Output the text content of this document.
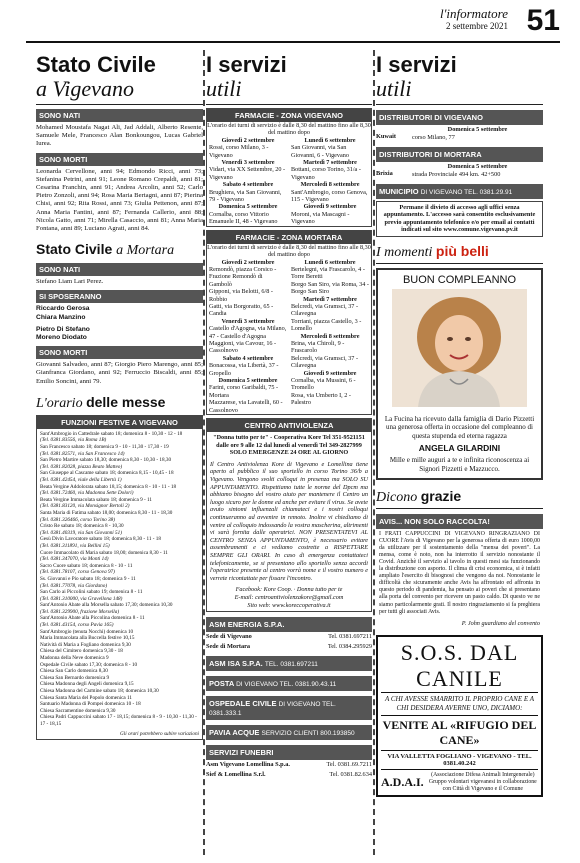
l'informatore
2 settembre 2021 51
Stato Civile
a Vigevano
SONO NATI
Mohamed Moustafa Nagat Ali, Jad Addali, Alberto Resente, Samuele Mele, Francesco Alan Bonkoungou, Lucas Gabriel Iurea.
SONO MORTI
Leonarda Cervellone, anni 94; Edmondo Ricci, anni 73; Stefanina Petrini, anni 91; Leone Romano Crepaldi, anni 81; Cesarina Franchin, anni 91; Andrea Arcolin, anni 52; Carlo Pietro Zonzoli, anni 94; Rosa Maria Bertagni, anni 87; Pierina Chisi, anni 92; Rita Rossi, anni 73; Giulia Pettenon, anni 87; Anna Maria Fantini, anni 87; Fernanda Callerio, anni 88; Nicola Gatto, anni 71; Mirella Casaccio, anni 81; Anna Maria Fontana, anni 89; Luciano Agrati, anni 84.
Stato Civile a Mortara
SONO NATI
Stefano Liam Lari Perez.
SI SPOSERANNO
Riccardo Gerosa
Chiara Manzino
Pietro Di Stefano
Moreno Diodato
SONO MORTI
Giovanni Salvadeo, anni 87; Giorgio Piero Marengo, anni 85; Gianfranca Giordano, anni 92; Ferruccio Biscaldi, anni 85; Emilio Soncini, anni 79.
L'orario delle messe
FUNZIONI FESTIVE A VIGEVANO
Sant'Ambrogio in Cattedrale sabato 18; domenica 8 - 10,30 - 12 - 18
(Tel. 0381.83556, via Roma 1B)
San Francesco sabato 18; domenica 9 - 10 - 11,30 - 17,30 - 19
(Tel. 0381.82571, via San Francesco 14)
San Pietro Martire sabato 18,30; domenica 8,30 - 10,30 - 18,30
(Tel. 0381.82028, piazza Beato Matteo)
San Giuseppe al Cascame sabato 18; domenica 8,15 - 10,45 - 18
(Tel. 0381.42454, viale della Libertà 1)
Beata Vergine Addolorata sabato 18,15; domenica 8 - 10 - 11 - 18
(Tel. 0381.72460, via Madonna Sette Dolori)
Beata Vergine Immacolata sabato 18; domenica 9 - 11
(Tel. 0381.83120, via Monsignor Bertoli 2)
Santa Maria di Fatima sabato 18,00; domenica 8,30 - 11 - 18,30
(Tel. 0381.326466, corso Torino 38)
Cristo Re sabato 18; domenica 8 - 10,30
(Tel. 0381.40319, via San Giovanni 51)
Gesù Divin Lavoratore sabato 18; domenica 8,30 - 11 - 18
(Tel. 0381.311891, via Bellini 15)
Cuore Immacolato di Maria sabato 18,00; domenica 8,30 - 11
(Tel. 0381.347070, via Monti 14)
Sacro Cuore sabato 18; domenica 8 - 10 - 11
(Tel. 0381.78107, corso Genova 97)
Ss. Giovanni e Pio sabato 18; domenica 9 - 11
(Tel. 0381.77078, via Giordano)
San Carlo ai Piccolini sabato 19; domenica 8 - 11
(Tel. 0381.310000, via Gravellona 148)
Sant'Antonio Abate alla Morsella sabato 17,30; domenica 10,30
(Tel. 0381.329900, frazione Morsella)
Sant'Antonio Abate alla Piccolina domenica 8 - 11
(Tel. 0381.43154, corso Pavia 165)
Sant'Ambrogio (tenuta Nocchi) domenica 10
Maria Immacolata alla Buccella festive 10,15
Natività di Maria a Fogliano domenica 9,30
Chiesa del Cimitero domenica 9,30 - 18
Madonna della Neve domenica 9
Ospedale Civile sabato 17,30; domenica 8 - 10
Chiesa San Carlo domenica 8,30
Chiesa San Bernardo domenica 9
Chiesa Madonna degli Angeli domenica 9,15
Chiesa Madonna del Carmine sabato 18; domenica 10,30
Chiesa Santa Maria del Popolo domenica 11
Santuario Madonna di Pompei domenica 10 - 18
Chiesa Sacramentine domenica 9,30
Chiesa Padri Cappuccini sabato 17 - 18,15; domenica 8 - 9 - 10,30 - 11,30 - 17 - 18,15
Gli orari potrebbero subire variazioni
I servizi
utili
FARMACIE - ZONA VIGEVANO
L'orario dei turni di servizio è dalle 8,30 del mattino fino alle 8,30 del mattino dopo
Giovedì 2 settembre
Rossi, corso Milano, 3 - Vigevano
Venerdì 3 settembre
Vidari, via XX Settembre, 20 - Vigevano
Sabato 4 settembre
Brughiera, via San Giovanni, 79 - Vigevano
Domenica 5 settembre
Cornalba, corso Vittorio Emanuele II, 48 - Vigevano
Lunedì 6 settembre
San Giovanni, via San Giovanni, 6 - Vigevano
Martedì 7 settembre
Bottani, corso Torino, 31/a - Vigevano
Mercoledì 8 settembre
Sant'Ambrogio, corso Genova, 115 - Vigevano
Giovedì 9 settembre
Moroni, via Mascagni - Vigevano
FARMACIE - ZONA MORTARA
L'orario dei turni di servizio è dalle 8,30 del mattino fino alle 8,30 del mattino dopo
Giovedì 2 settembre
Remondò, piazza Corsico - Frazione Remondò di Gambolò
Gipponi, via Belotti, 6/8 - Robbio
Gatti, via Borgoratto, 65 - Candia
Venerdì 3 settembre
Castello d'Agogna, via Milano, 47 - Castello d'Agogna
Maggioni, via Cavour, 16 - Cassolnovo
Sabato 4 settembre
Bonacossa, via Libertà, 37 - Gropello
Domenica 5 settembre
Farini, corso Garibaldi, 75 - Mortara
Mazzarese, via Lavatelli, 60 - Cassolnovo
Lunedì 6 settembre
Bertelegni, via Frascarolo, 4 - Torre Beretti
Borgo San Siro, via Roma, 34 - Borgo San Siro
Martedì 7 settembre
Belcredi, via Gramsci, 37 - Cilavegna
Torriani, piazza Castello, 3 - Lomello
Mercoledì 8 settembre
Brina, via Chiroli, 9 - Frascarolo
Belcredi, via Gramsci, 37 - Cilavegna
Giovedì 9 settembre
Cornalba, via Mussini, 6 - Tromello
Rosa, via Umberto I, 2 - Palestro
CENTRO ANTIVIOLENZA
"Donna tutto per te" - Cooperativa Kore Tel 351-9521151 dalle ore 9 alle 12 dal lunedì al venerdì Tel 349-2827999 SOLO EMERGENZE 24 ORE AL GIORNO
Il Centro Antiviolenza Kore di Vigevano e Lomellina tiene aperto al pubblico il suo sportello in corso Torino 36/b a Vigevano. Vengono svolti colloqui in presenza ma SOLO SU APPUNTAMENTO. Rispettiamo tutte le norme del Dpcm ma abbiamo bisogno del vostro aiuto per mantenere il Centro un luogo sicuro per le donne ed anche per evitare il virus. Se avete avuto sintomi influenzali chiamateci e i nostri colloqui continueranno ad avvenire in remoto. Inoltre vi chiediamo di venire al colloquio indossando la vostra mascherina, altrimenti vi sarà fornita dalle operatrici. NON PRESENTATEVI AL CENTRO SENZA APPUNTAMENTO, è necessario evitare assembramenti e ci vediamo costrette a RISPETTARE SEMPRE GLI ORARI. In caso di emergenza contattateci telefonicamente, se si presentano allo sportello senza accordi l'operatrice presente al centro vorrà nome e il vostro numero e verrete ricontattate per fissare l'incontro.
Facebook: Kore Coop. · Donna tutto per te
E-mail: centroantiviolenzakore@gmail.com
Sito web: www.koreccoperativa.it
ASM ENERGIA S.P.A.
Sede di Vigevano	Tel. 0381.697211
Sede di Mortara	Tel. 0384.295929
ASM ISA S.P.A. TEL. 0381.697211
POSTA DI VIGEVANO TEL. 0381.90.43.11
OSPEDALE CIVILE DI VIGEVANO TEL. 0381.333.1
PAVIA ACQUE SERVIZIO CLIENTI 800.193850
SERVIZI FUNEBRI
Asm Vigevano Lomellina S.p.a.	Tel. 0381.69.7211
Sief & Lomellina S.r.l.	Tel. 0381.82.634
I servizi
utili
DISTRIBUTORI DI VIGEVANO
Kuwait
Domenica 5 settembre
corso Milano, 77
DISTRIBUTORI DI MORTARA
Brixia
Domenica 5 settembre
strada Provinciale 494 km. 42+500
MUNICIPIO DI VIGEVANO TEL. 0381.29.91
Permane il divieto di accesso agli uffici senza appuntamento. L'accesso sarà consentito esclusivamente previo appuntamento telefonico e/o per email ai contatti indicati sul sito www.comune.vigevano.pv.it
I momenti più belli
BUON COMPLEANNO
La Fucina ha ricevuto dalla famiglia di Dario Pizzetti una generosa offerta in occasione del compleanno di questa stupenda ed eterna ragazza
ANGELA GILARDINI
Mille e mille auguri a te e infinita riconoscenza ai Signori Pizzetti e Mazzucco.
Dicono grazie
AVIS... NON SOLO RACCOLTA!
I FRATI CAPPUCCINI DI VIGEVANO RINGRAZIANO DI CUORE l'Avis di Vigevano per la generosa offerta di euro 1000,00 da utilizzare per il sostentamento della "mensa dei poveri". La mensa, come è noto, non ha interrotto il servizio nonostante il Covid. Anzichè il servizio al tavolo in questi mesi sta funzionando la distribuzione con asporto. Il clima di crisi economica, si è infatti ampliato l'esercito di bisognosi che vengono da noi. Nonostante le difficoltà che sicuramente anche Avis ha affrontato ed affronta in questo periodo di pandemia, ha pensato ai poveri che si presentano alla porta del convento per ricevere un pasto caldo. Di questo ve ne siamo particolarmente grati. Il nostro ringraziamento si fa preghiera per tutti gli associati Avis.
P. John guardiano del convento
S.O.S. DAL CANILE
A CHI AVESSE SMARRITO IL PROPRIO CANE E A CHI DESIDERA AVERNE UNO, DICIAMO:
VENITE AL «RIFUGIO DEL CANE»
VIA VALLETTA FOGLIANO - VIGEVANO - TEL. 0381.40.242
A.D.A.I.	(Associazione Difesa Animali Intergenerale) Gruppo volontari vigevanesi in collaborazione con Città di Vigevano e il Comune
